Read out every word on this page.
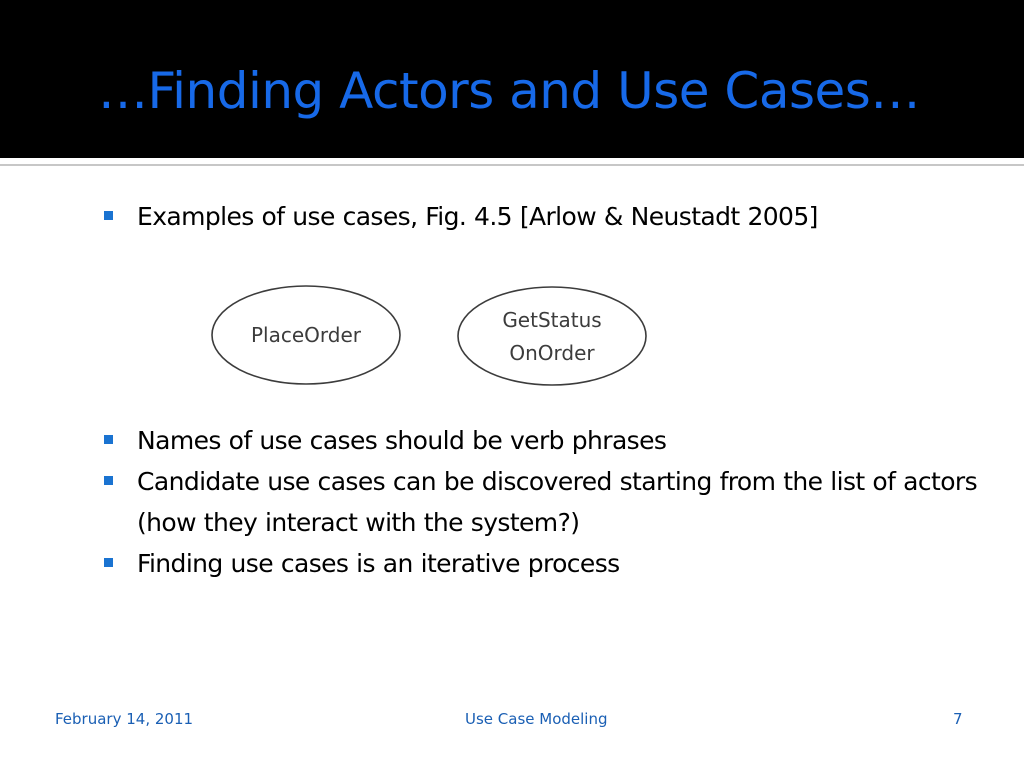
…Finding Actors and Use Cases…
Examples of use cases, Fig. 4.5 [Arlow & Neustadt 2005]
PlaceOrder
GetStatus
OnOrder
Names of use cases should be verb phrases
Candidate use cases can be discovered starting from the list of actors (how they interact with the system?)
Finding use cases is an iterative process
February 14, 2011	Use Case Modeling	7
